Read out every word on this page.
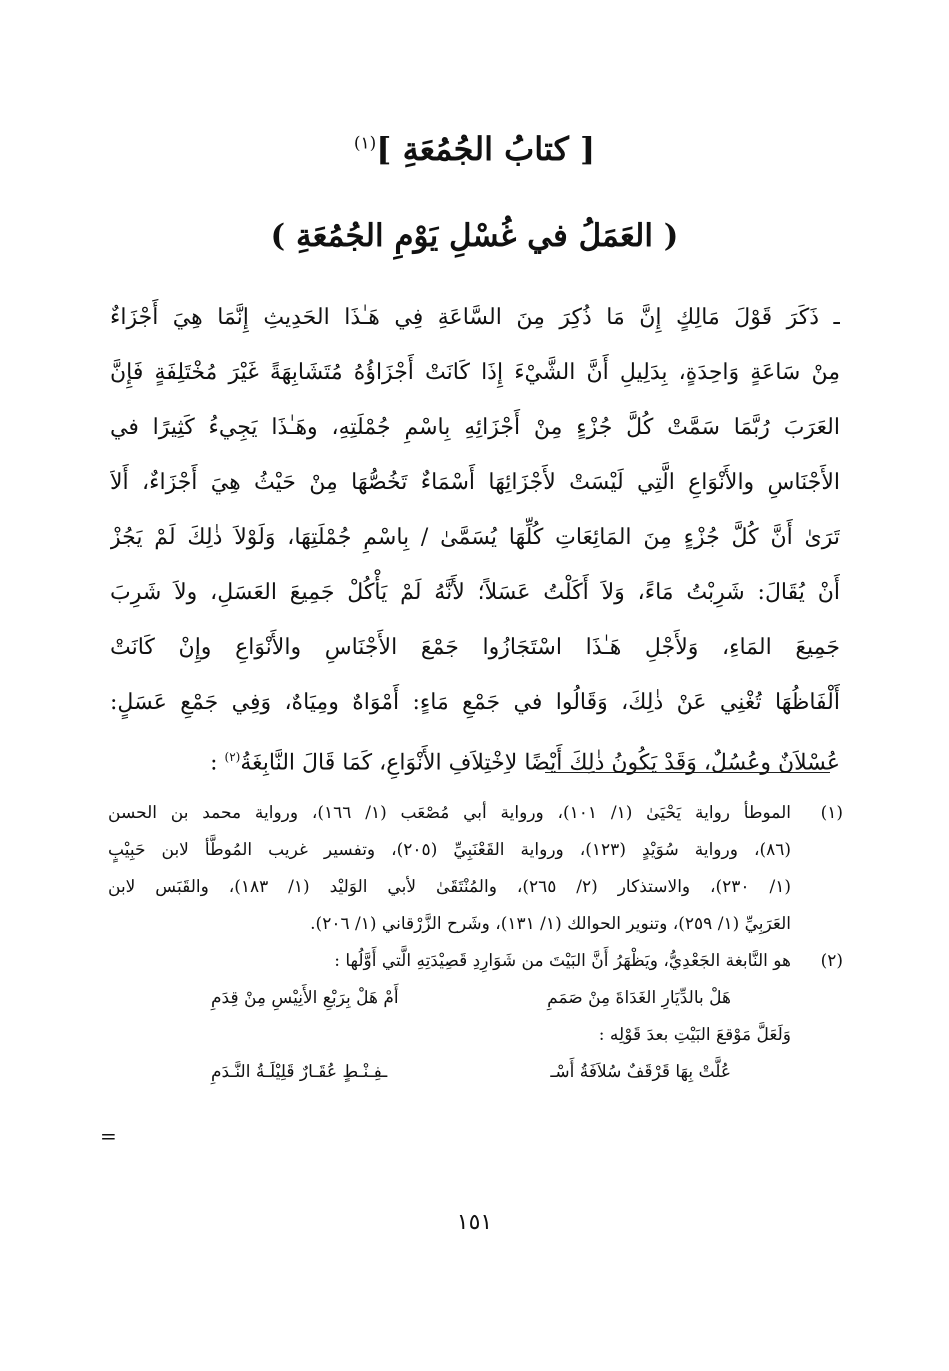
[ كتابُ الجُمُعَةِ ]$^{(١)}$
( العَمَلُ في غُسْلِ يَوْمِ الجُمُعَةِ )
ـ ذَكَرَ قَوْلَ مَالِكٍ إِنَّ مَا ذُكِرَ مِنَ السَّاعَةِ فِي هَـٰذَا الحَدِيثِ إِنَّمَا هِيَ أَجْزَاءٌ
مِنْ سَاعَةٍ وَاحِدَةٍ، بِدَلِيلِ أَنَّ الشَّيْءَ إِذَا كَانَتْ أَجْزَاؤُهُ مُتَشَابِهَةً غَيْرَ مُخْتَلِفَةٍ فَإِنَّ
العَرَبَ رُبَّمَا سَمَّتْ كُلَّ جُزْءٍ مِنْ أَجْزَائِهِ بِاسْمِ جُمْلَتِهِ، وهَـٰذَا يَجِيءُ كَثِيرًا في
الأَجْنَاسِ والأَنْوَاعِ الَّتِي لَيْسَتْ لأَجْزَائِهَا أَسْمَاءٌ تَخُصُّهَا مِنْ حَيْثُ هِيَ أَجْزَاءٌ، أَلاَ
تَرَىٰ أَنَّ كُلَّ جُزْءٍ مِنَ المَائِعَاتِ كُلِّهَا يُسَمَّىٰ / بِاسْمِ جُمْلَتِهَا، وَلَوْلاَ ذٰلِكَ لَمْ يَجُزْ
أَنْ يُقَالَ: شَرِبْتُ مَاءً، وَلاَ أَكَلْتُ عَسَلاً؛ لأَنَّهُ لَمْ يَأْكُلْ جَمِيعَ العَسَلِ، ولاَ شَرِبَ
جَمِيعَ المَاءِ، وَلأَجْلِ هَـٰذَا اسْتَجَازُوا جَمْعَ الأَجْنَاسِ والأَنْوَاعِ وإِنْ كَانَتْ
أَلْفَاظُهَا تُغْنِي عَنْ ذٰلِكَ، وَقَالُوا في جَمْعِ مَاءٍ: أَمْوَاهٌ ومِيَاهٌ، وَفِي جَمْعِ عَسَلٍ:
عُسْلاَنٌ وعُسُلٌ، وَقَدْ يَكُونُ ذٰلِكَ أَيْضًا لاِخْتِلاَفِ الأَنْوَاعِ، كَمَا قَالَ النَّابِغَةُ$^{(٢)}$ :
(١)
الموطأ رواية يَحْيَىٰ (١/ ١٠١)، ورواية أبي مُصْعَب (١/ ١٦٦)، ورواية محمد بن الحسن
(٨٦)، ورواية سُوَيْدٍ (١٢٣)، ورواية القَعْنَبِيِّ (٢٠٥)، وتفسير غريب المُوطَّأ لابن حَبِيْبٍ
(١/ ٢٣٠)، والاستذكار (٢/ ٢٦٥)، والمُنْتَقَىٰ لأبي الوَليْد (١/ ١٨٣)، والقَبَس لابن
العَرَبِيِّ (١/ ٢٥٩)، وتنوير الحوالك (١/ ١٣١)، وشَرح الزَّرْقاني (١/ ٢٠٦).
(٢)
هو النَّابغة الجَعْدِيُّ، ويَظْهَرُ أَنَّ البَيْتَ من شَوَارِدِ قَصِيْدَتِهِ الَّتي أَوَّلُها :
هَلْ بالدِّيَارِ الغَدَاةَ مِنْ صَمَمِ
أَمْ هَلْ بِرَبْعِ الأَنِيْسِ مِنْ قِدَمِ
وَلَعَلَّ مَوْقعَ البَيْتِ بعدَ قَوْلِه :
عُلَّتْ بِهَا قَرْقَفٌ سُلاَفَةُ أَسْـ
ـفِـنْـطٍ عُقَـارٌ قَلِيْلَـةُ النَّـدَمِ
=
١٥١
